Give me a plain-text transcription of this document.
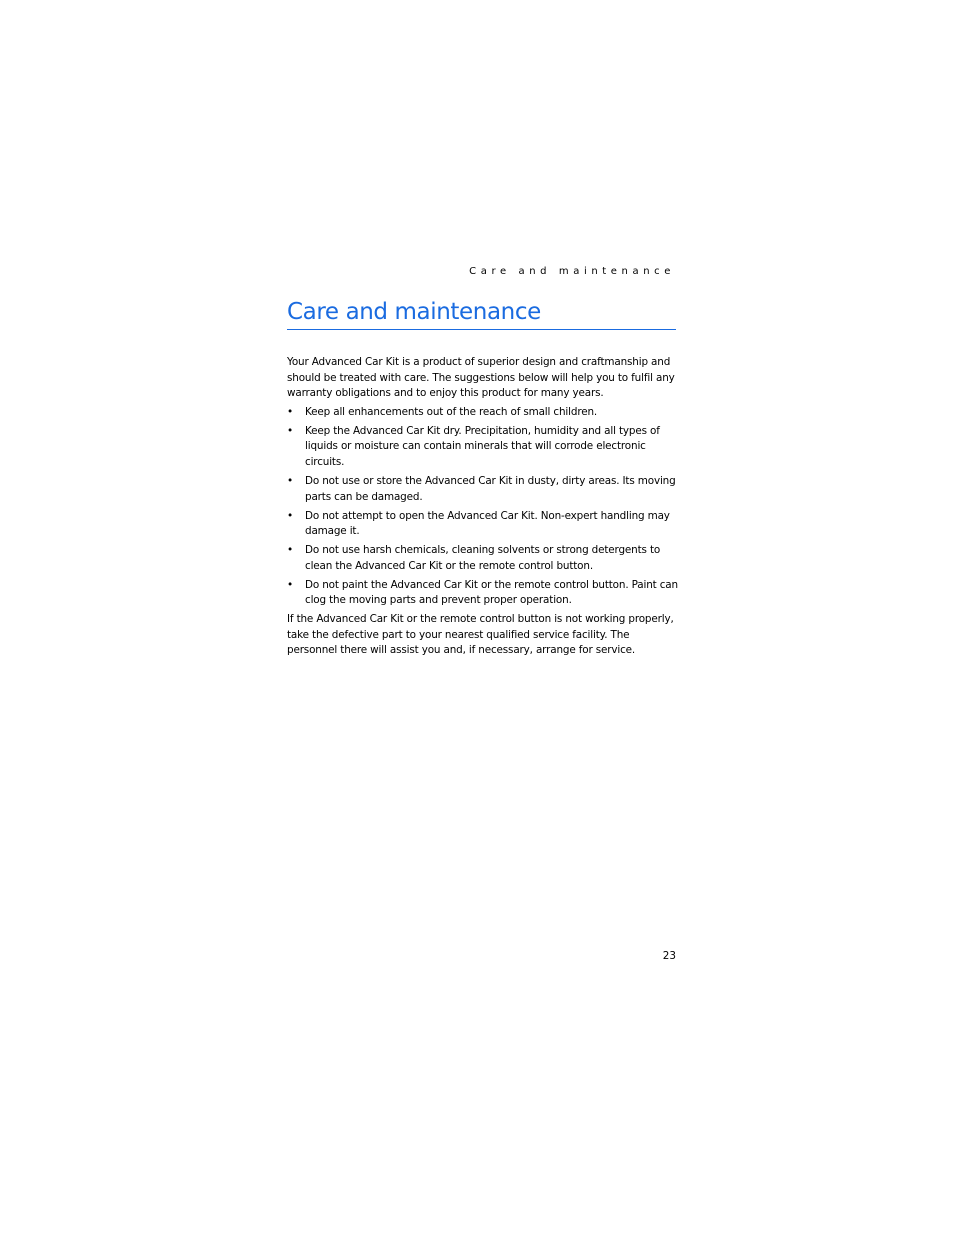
Care and maintenance
Care and maintenance

Your Advanced Car Kit is a product of superior design and craftmanship and should be treated with care. The suggestions below will help you to fulfil any warranty obligations and to enjoy this product for many years.

• Keep all enhancements out of the reach of small children.
• Keep the Advanced Car Kit dry. Precipitation, humidity and all types of liquids or moisture can contain minerals that will corrode electronic circuits.
• Do not use or store the Advanced Car Kit in dusty, dirty areas. Its moving parts can be damaged.
• Do not attempt to open the Advanced Car Kit. Non-expert handling may damage it.
• Do not use harsh chemicals, cleaning solvents or strong detergents to clean the Advanced Car Kit or the remote control button.
• Do not paint the Advanced Car Kit or the remote control button. Paint can clog the moving parts and prevent proper operation.

If the Advanced Car Kit or the remote control button is not working properly, take the defective part to your nearest qualified service facility. The personnel there will assist you and, if necessary, arrange for service.

23
